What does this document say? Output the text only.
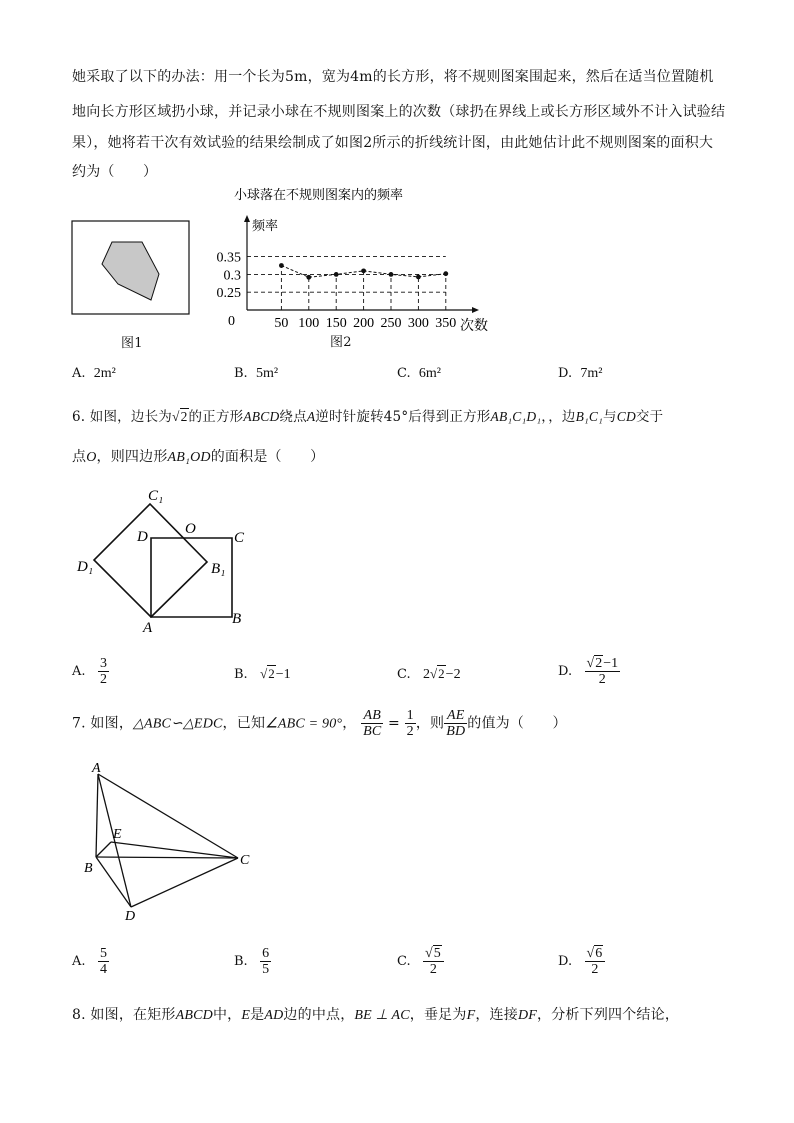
她采取了以下的办法：用一个长为5m，宽为4m的长方形，将不规则图案围起来，然后在适当位置随机
地向长方形区域扔小球，并记录小球在不规则图案上的次数（球扔在界线上或长方形区域外不计入试验结
果），她将若干次有效试验的结果绘制成了如图2所示的折线统计图，由此她估计此不规则图案的面积大
约为（　　）
图1
小球落在不规则图案内的频率
频率
次数
0
0.35
0.3
0.25
50 100 150 200 250 300 350
图2
A. 2m²	B. 5m²	C. 6m²	D. 7m²
6. 如图，边长为√2的正方形ABCD绕点A逆时针旋转45°后得到正方形AB₁C₁D₁，，边B₁C₁与CD交于
点O，则四边形AB₁OD的面积是（　　）
C₁
O
D	C
D₁	B₁
A
B
A. $\frac{3}{2}$	B. √2−1	C. 2√2−2	D. $\frac{√2-1}{2}$
7. 如图，△ABC∽△EDC，已知∠ABC = 90°， $\frac{AB}{BC} = \frac{1}{2}$ ，则 $\frac{AE}{BD}$ 的值为（　　）
A
E
B
C
D
A. $\frac{5}{4}$	B. $\frac{6}{5}$	C. $\frac{√5}{2}$	D. $\frac{√6}{2}$
8. 如图，在矩形ABCD中，E是AD边的中点，BE ⊥ AC，垂足为F，连接DF，分析下列四个结论，
